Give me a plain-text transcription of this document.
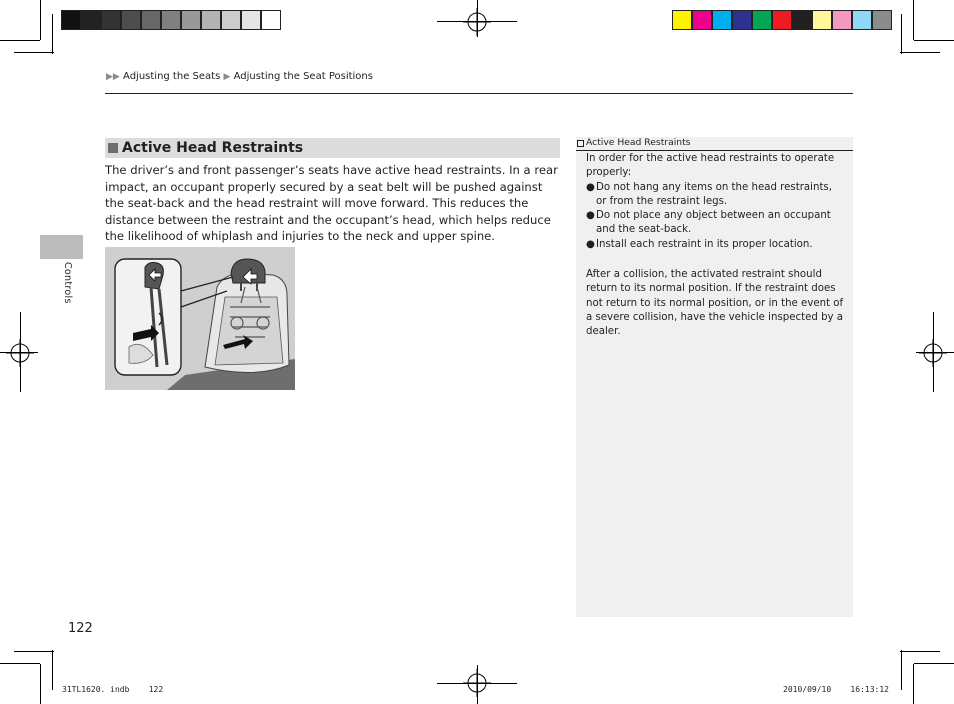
▶▶ Adjusting the Seats ▶ Adjusting the Seat Positions
Controls
Active Head Restraints
The driver’s and front passenger’s seats have active head restraints. In a rear impact, an occupant properly secured by a seat belt will be pushed against the seat-back and the head restraint will move forward. This reduces the distance between the restraint and the occupant’s head, which helps reduce the likelihood of whiplash and injuries to the neck and upper spine.
Active Head Restraints

In order for the active head restraints to operate properly:

● Do not hang any items on the head restraints, or from the restraint legs.
● Do not place any object between an occupant and the seat-back.
● Install each restraint in its proper location.

After a collision, the activated restraint should return to its normal position. If the restraint does not return to its normal position, or in the event of a severe collision, have the vehicle inspected by a dealer.

122
31TL1620. indb    122	2010/09/10    16:13:12
